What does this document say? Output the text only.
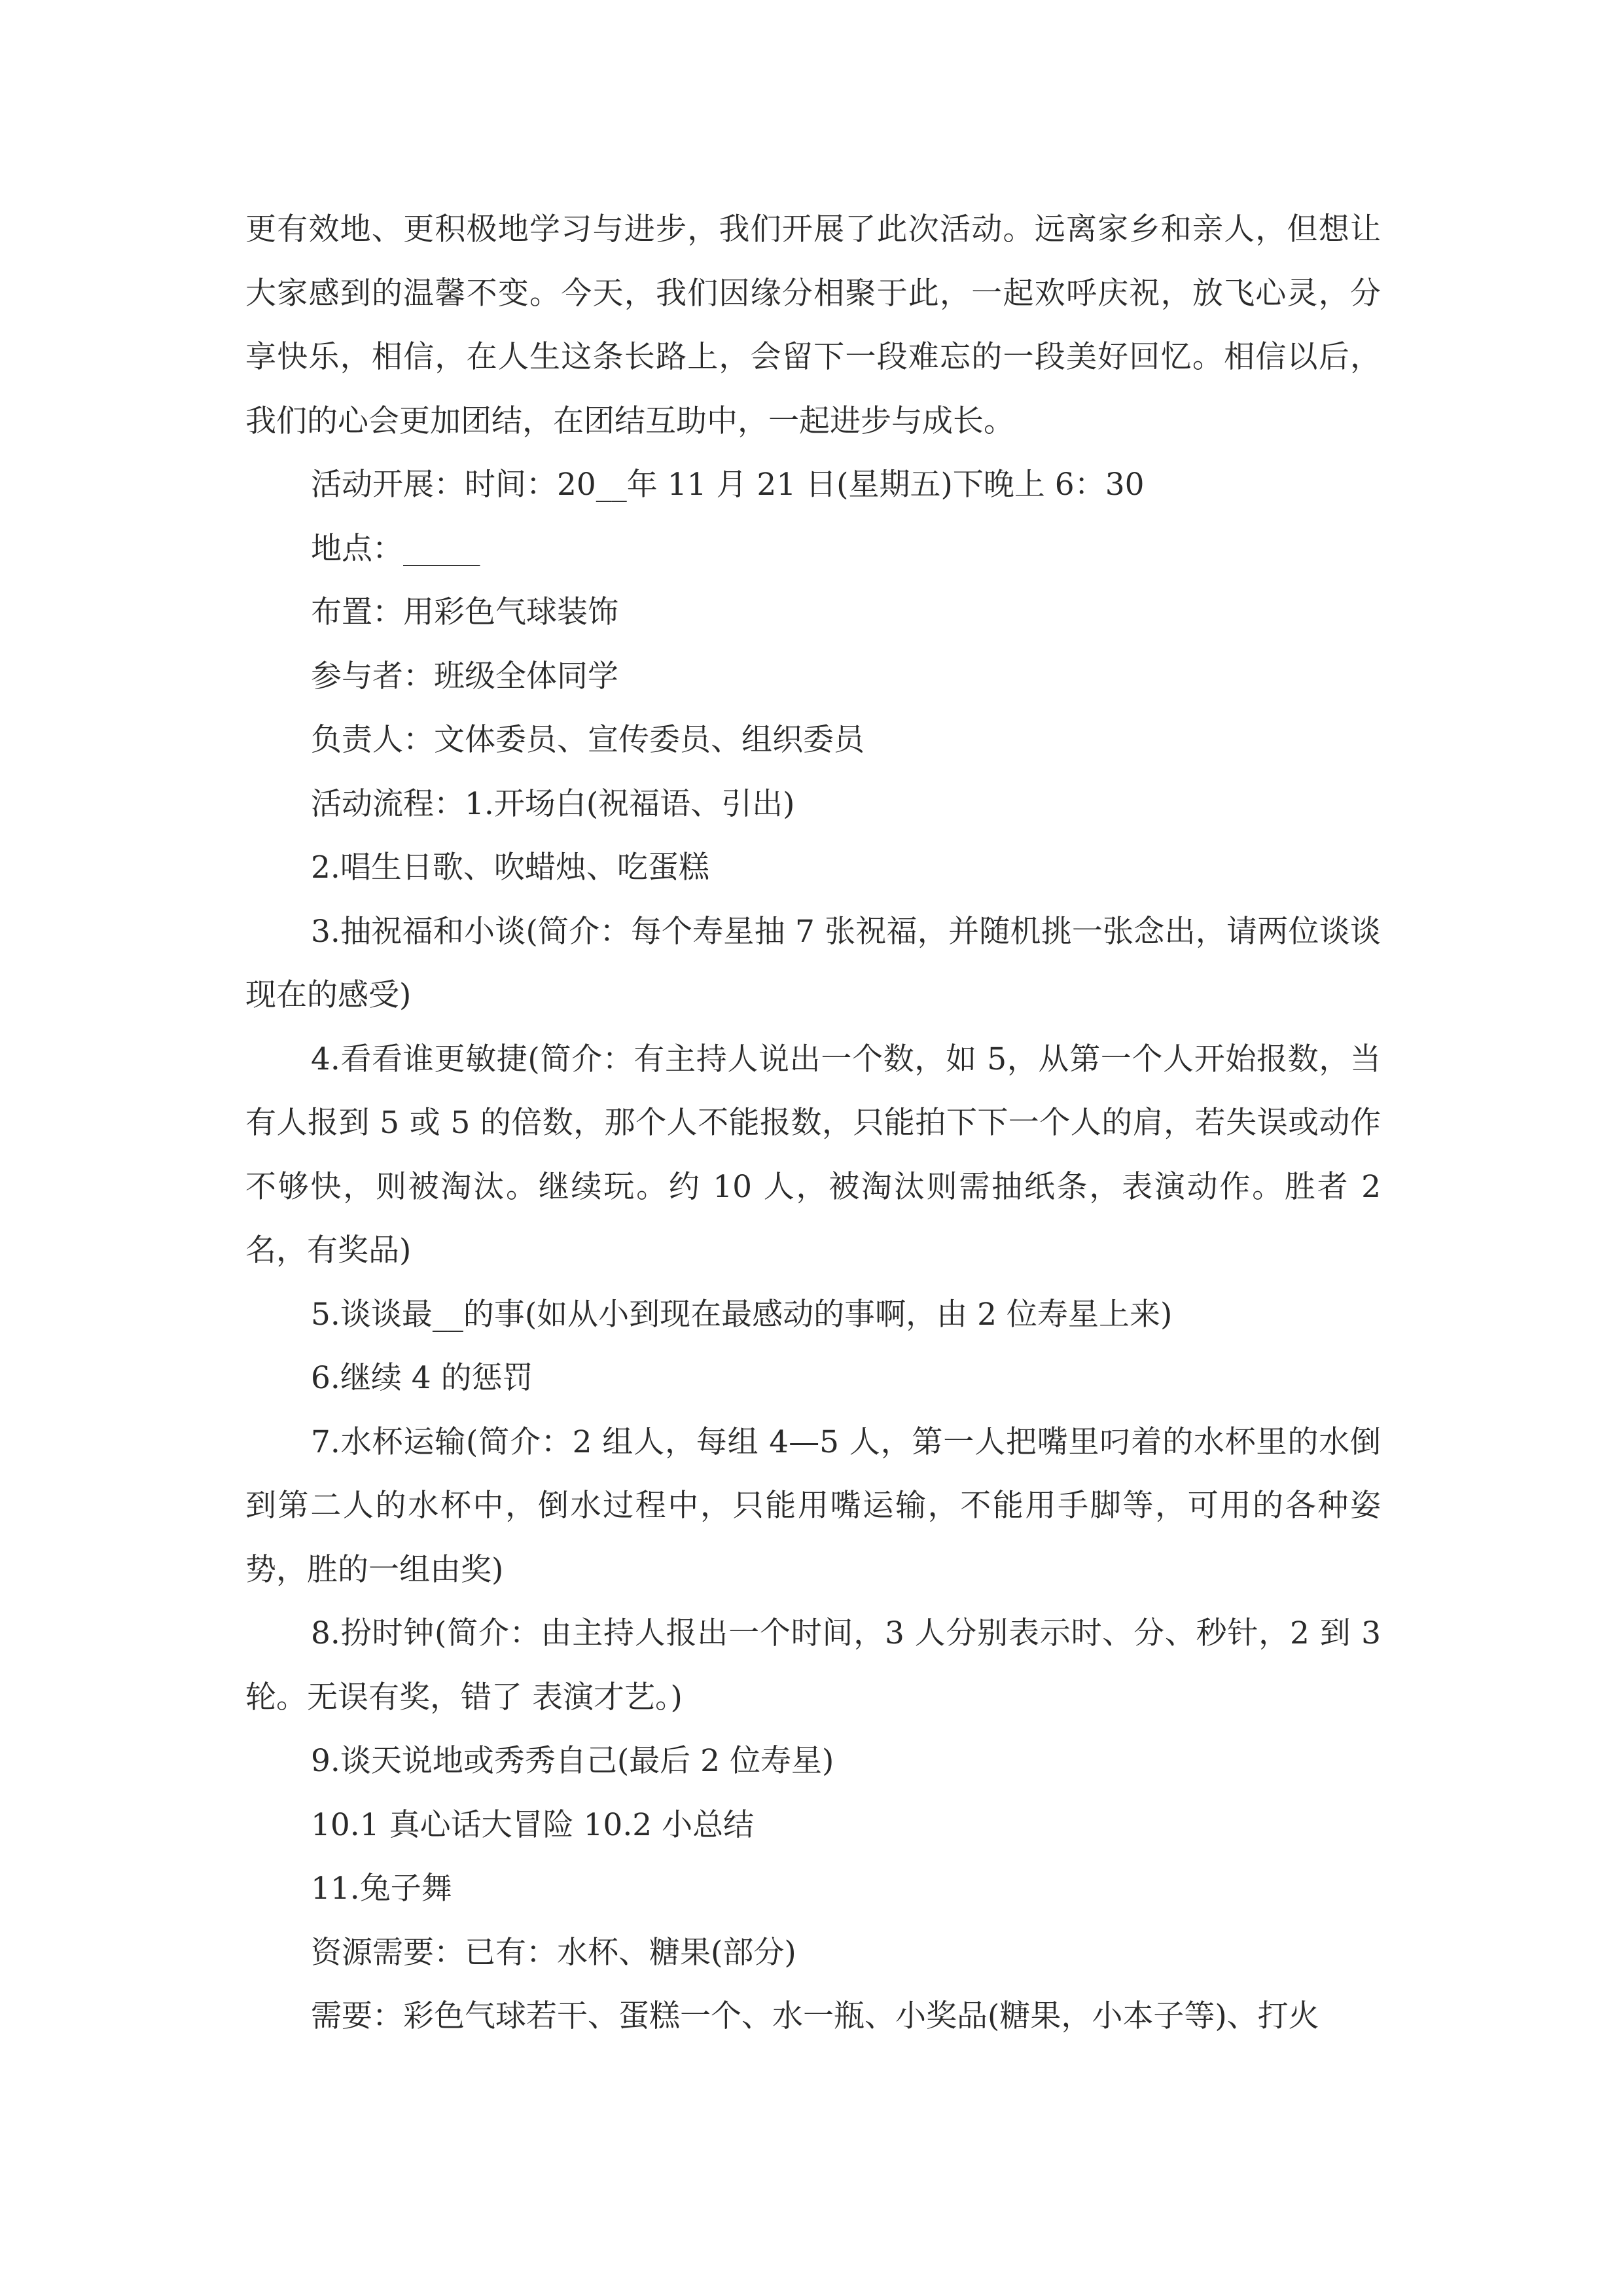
更有效地、更积极地学习与进步，我们开展了此次活动。远离家乡和亲人，但想让大家感到的温馨不变。今天，我们因缘分相聚于此，一起欢呼庆祝，放飞心灵，分享快乐，相信，在人生这条长路上，会留下一段难忘的一段美好回忆。相信以后，我们的心会更加团结，在团结互助中，一起进步与成长。

活动开展：时间：20__年 11 月 21 日(星期五)下晚上 6：30

地点：_____

布置：用彩色气球装饰

参与者：班级全体同学

负责人：文体委员、宣传委员、组织委员

活动流程：1.开场白(祝福语、引出)

2.唱生日歌、吹蜡烛、吃蛋糕

3.抽祝福和小谈(简介：每个寿星抽 7 张祝福，并随机挑一张念出，请两位谈谈现在的感受)

4.看看谁更敏捷(简介：有主持人说出一个数，如 5，从第一个人开始报数，当有人报到 5 或 5 的倍数，那个人不能报数，只能拍下下一个人的肩，若失误或动作不够快，则被淘汰。继续玩。约 10 人，被淘汰则需抽纸条，表演动作。胜者 2 名，有奖品)

5.谈谈最__的事(如从小到现在最感动的事啊，由 2 位寿星上来)

6.继续 4 的惩罚

7.水杯运输(简介：2 组人，每组 4—5 人，第一人把嘴里叼着的水杯里的水倒到第二人的水杯中，倒水过程中，只能用嘴运输，不能用手脚等，可用的各种姿势，胜的一组由奖)

8.扮时钟(简介：由主持人报出一个时间，3 人分别表示时、分、秒针，2 到 3 轮。无误有奖，错了 表演才艺。)

9.谈天说地或秀秀自己(最后 2 位寿星)

10.1 真心话大冒险 10.2 小总结

11.兔子舞

资源需要：已有：水杯、糖果(部分)

需要：彩色气球若干、蛋糕一个、水一瓶、小奖品(糖果，小本子等)、打火
